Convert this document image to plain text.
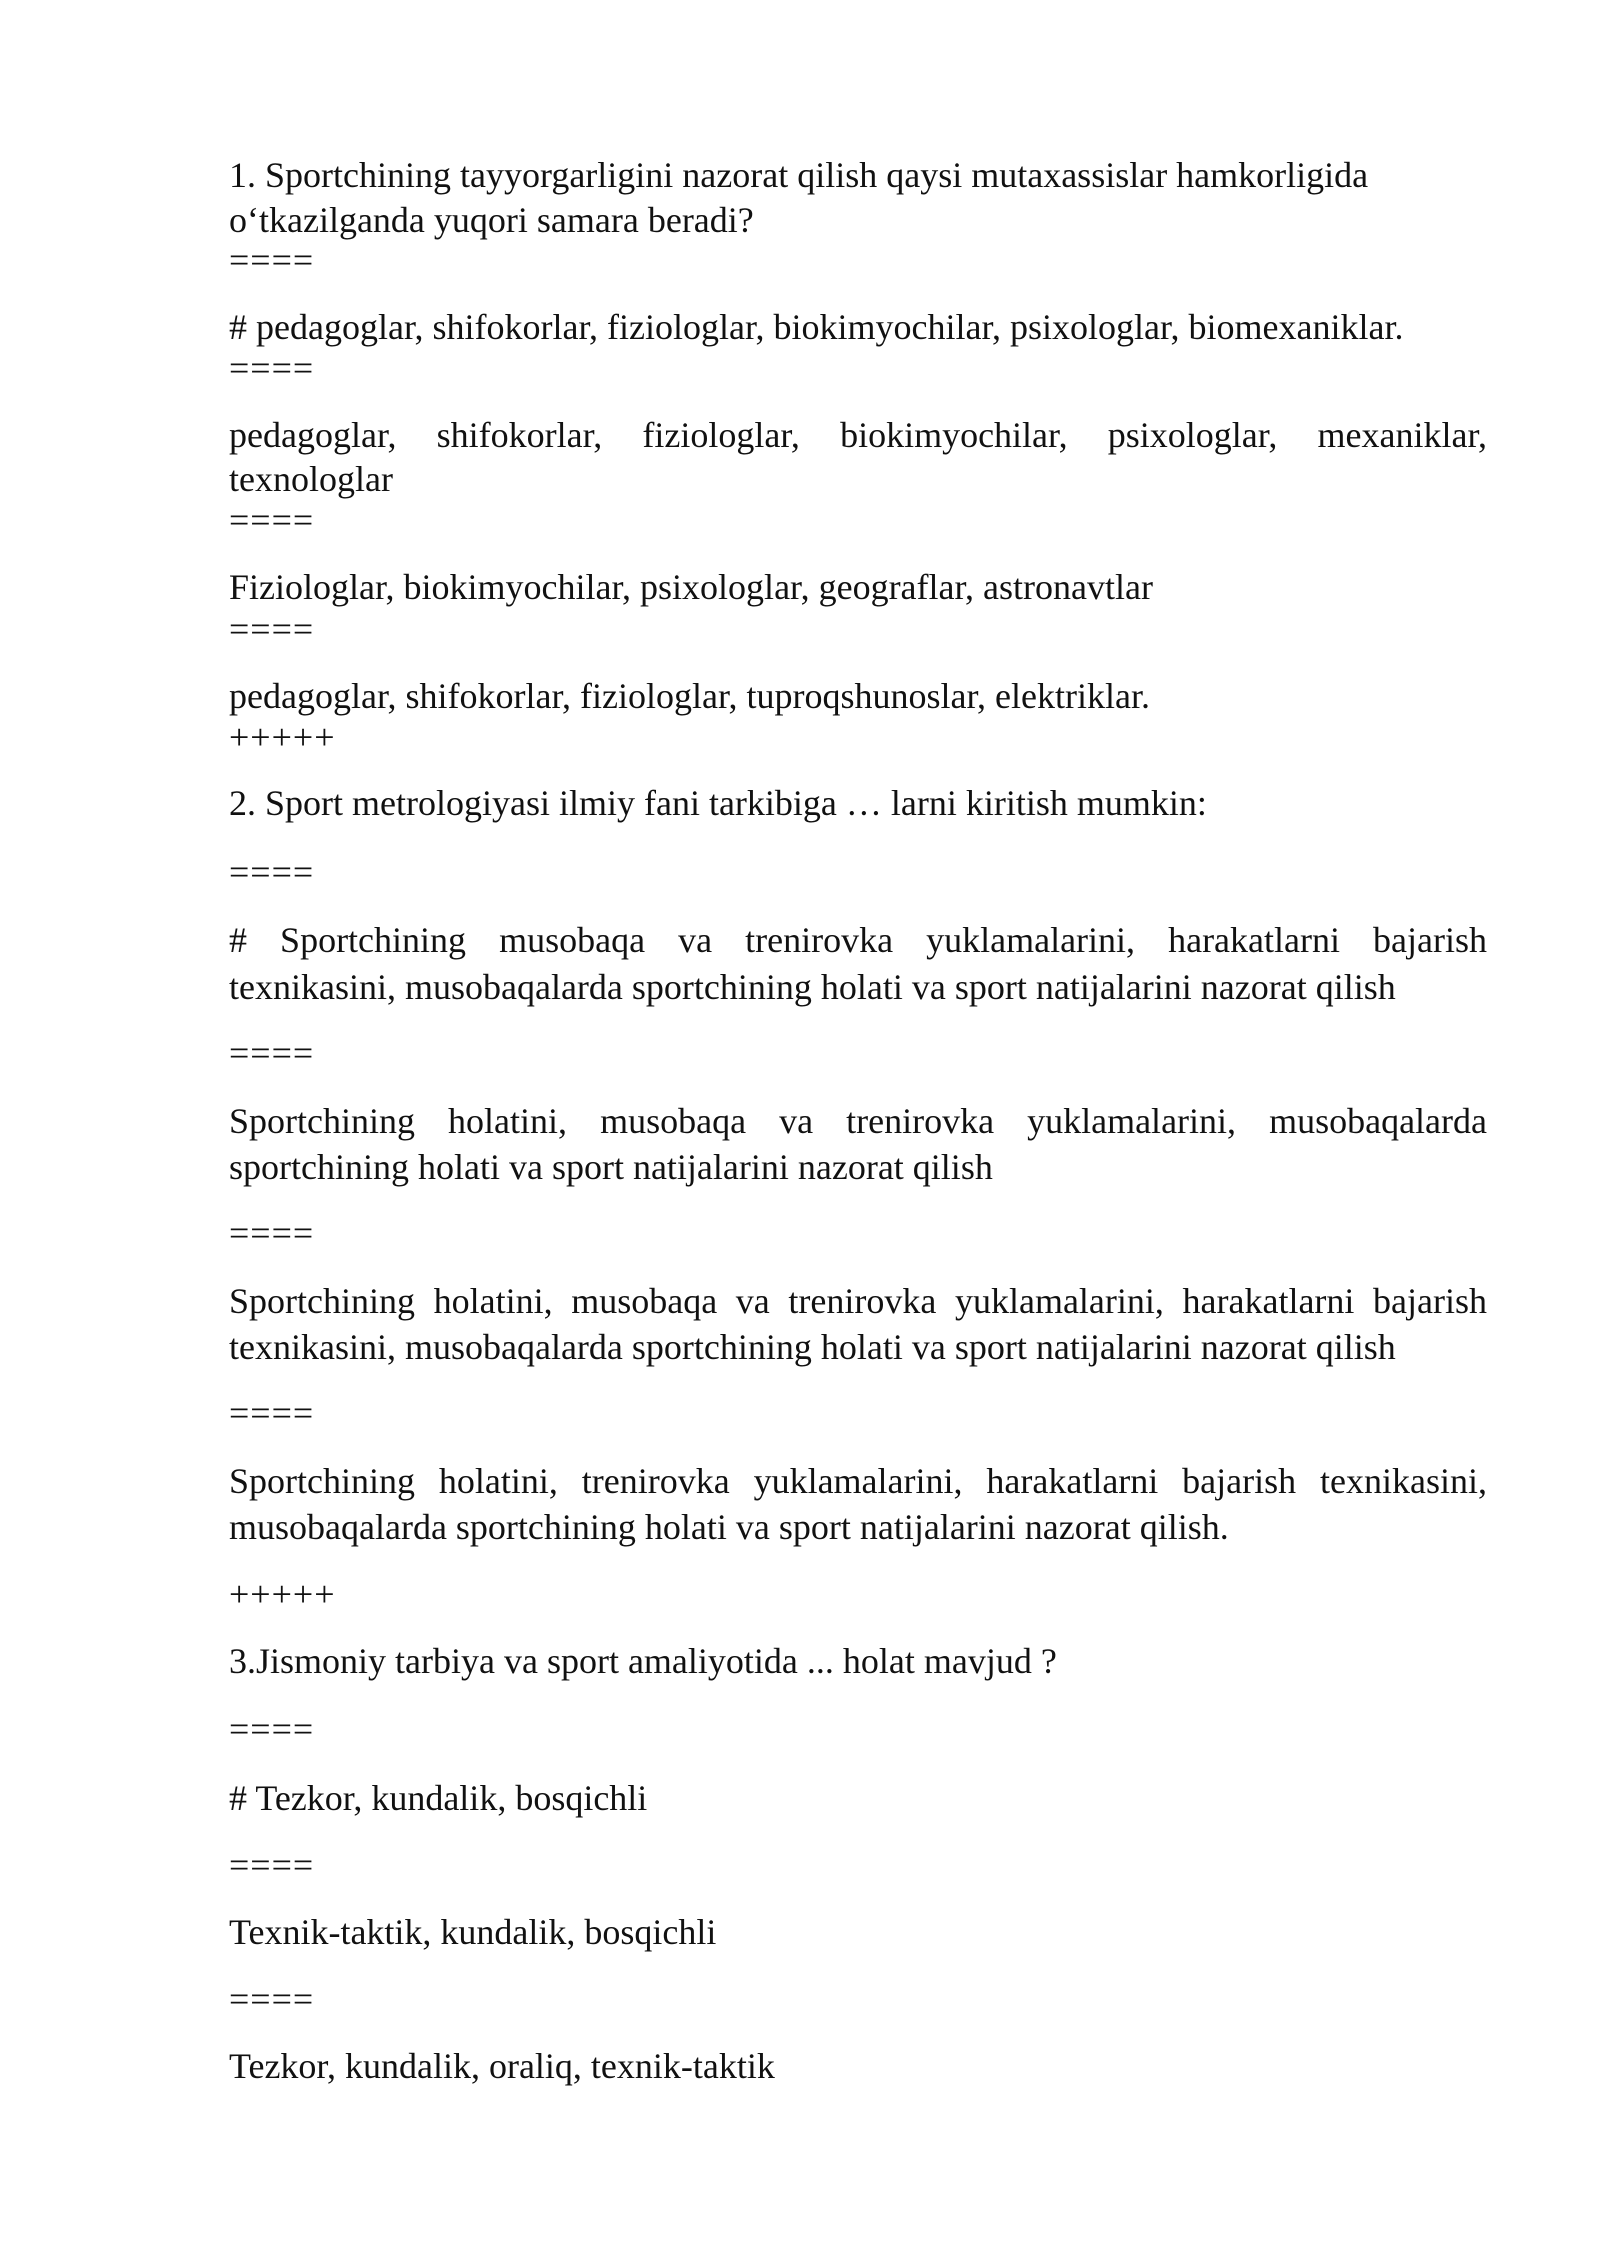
1. Sportchining tayyorgarligini nazorat qilish qaysi mutaxassislar hamkorligida

o‘tkazilganda yuqori samara beradi?

====

# pedagoglar, shifokorlar, fiziologlar, biokimyochilar, psixologlar, biomexaniklar.

====

pedagoglar, shifokorlar, fiziologlar, biokimyochilar, psixologlar, mexaniklar,

texnologlar

====

Fiziologlar, biokimyochilar, psixologlar, geograflar, astronavtlar

====

pedagoglar, shifokorlar, fiziologlar, tuproqshunoslar, elektriklar.

+++++

2. Sport metrologiyasi ilmiy fani tarkibiga … larni kiritish mumkin:

====

# Sportchining musobaqa va trenirovka yuklamalarini, harakatlarni bajarish

texnikasini, musobaqalarda sportchining holati va sport natijalarini nazorat qilish

====

Sportchining holatini, musobaqa va trenirovka yuklamalarini, musobaqalarda

sportchining holati va sport natijalarini nazorat qilish

====

Sportchining holatini, musobaqa va trenirovka yuklamalarini, harakatlarni bajarish

texnikasini, musobaqalarda sportchining holati va sport natijalarini nazorat qilish

====

Sportchining holatini, trenirovka yuklamalarini, harakatlarni bajarish texnikasini,

musobaqalarda sportchining holati va sport natijalarini nazorat qilish.

+++++

3.Jismoniy tarbiya va sport amaliyotida ... holat mavjud ?

====

# Tezkor, kundalik, bosqichli

====

Texnik-taktik, kundalik, bosqichli

====

Tezkor, kundalik, oraliq, texnik-taktik
